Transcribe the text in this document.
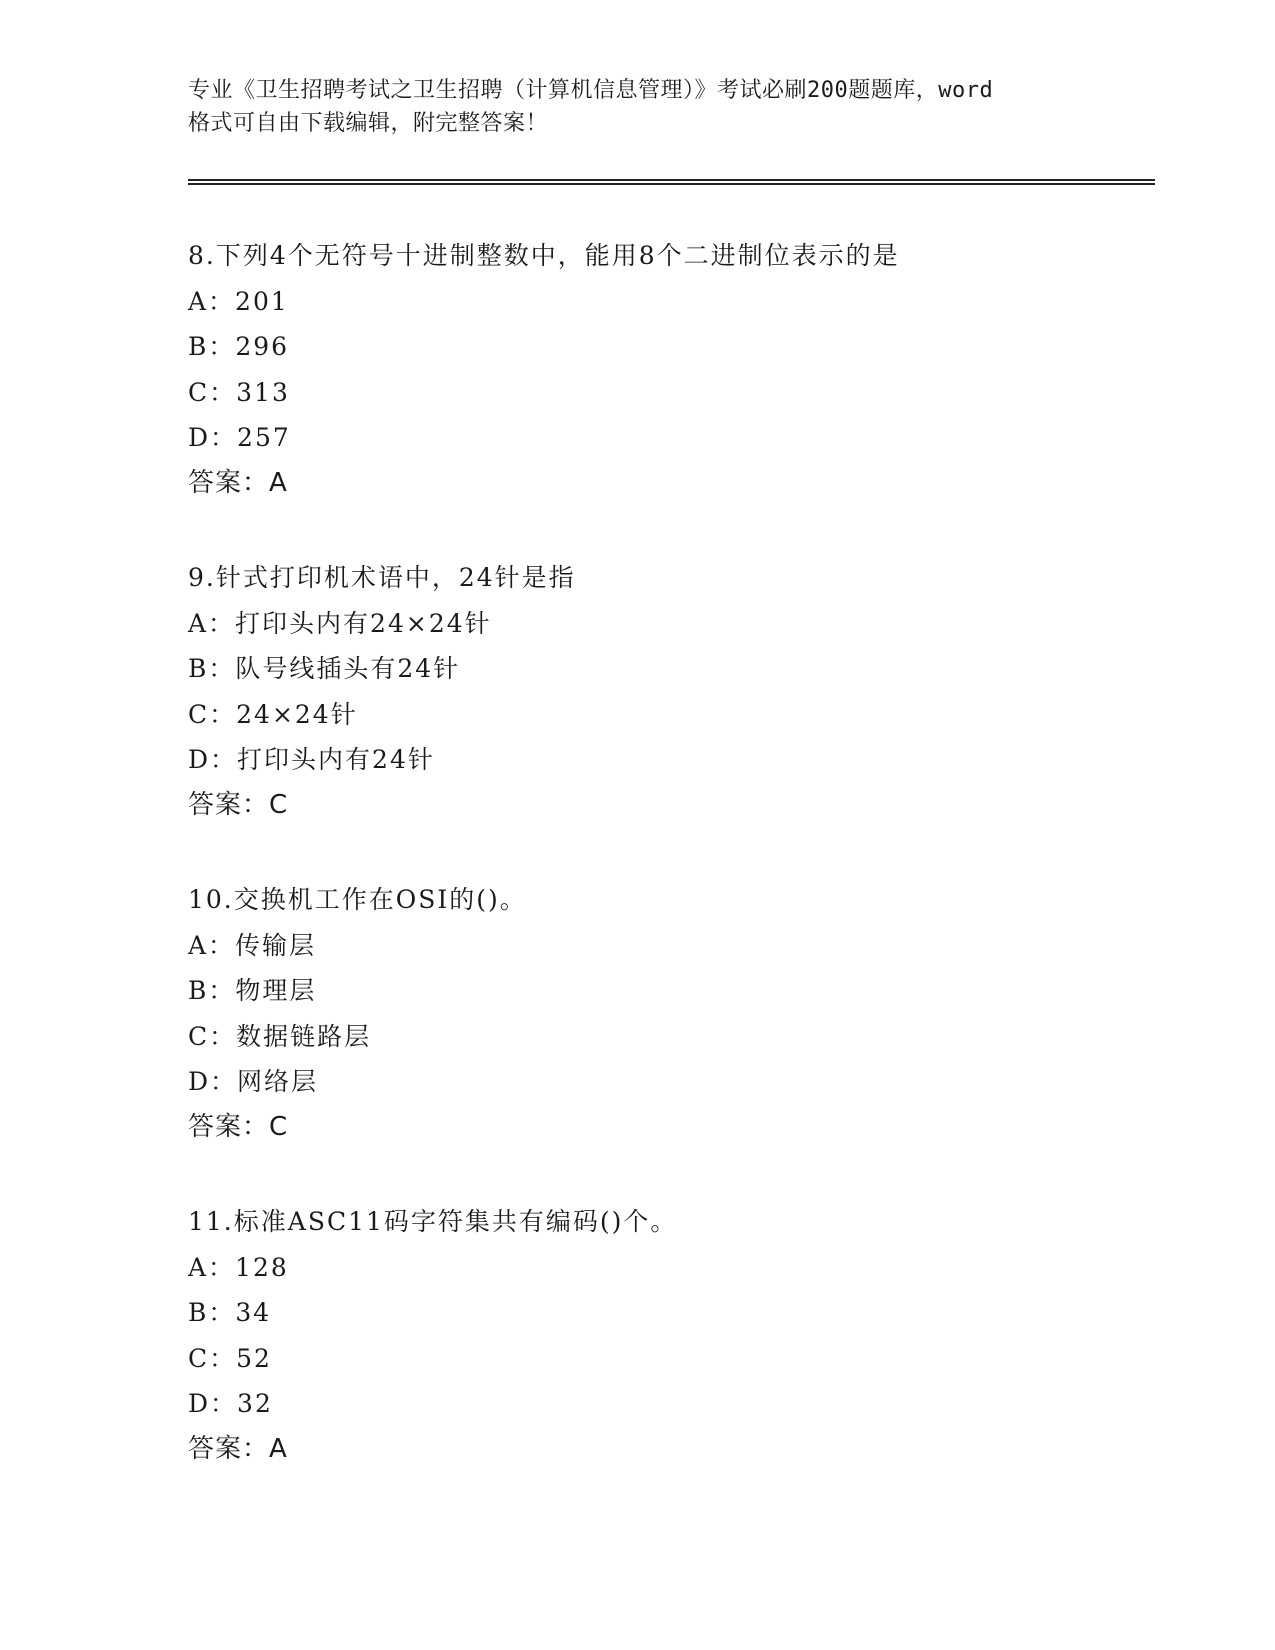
专业《卫生招聘考试之卫生招聘（计算机信息管理）》考试必刷200题题库，word
格式可自由下载编辑，附完整答案！
8.下列4个无符号十进制整数中，能用8个二进制位表示的是
A：201
B：296
C：313
D：257
答案：A
9.针式打印机术语中，24针是指
A：打印头内有24×24针
B：队号线插头有24针
C：24×24针
D：打印头内有24针
答案：C
10.交换机工作在OSI的()。
A：传输层
B：物理层
C：数据链路层
D：网络层
答案：C
11.标准ASC11码字符集共有编码()个。
A：128
B：34
C：52
D：32
答案：A
